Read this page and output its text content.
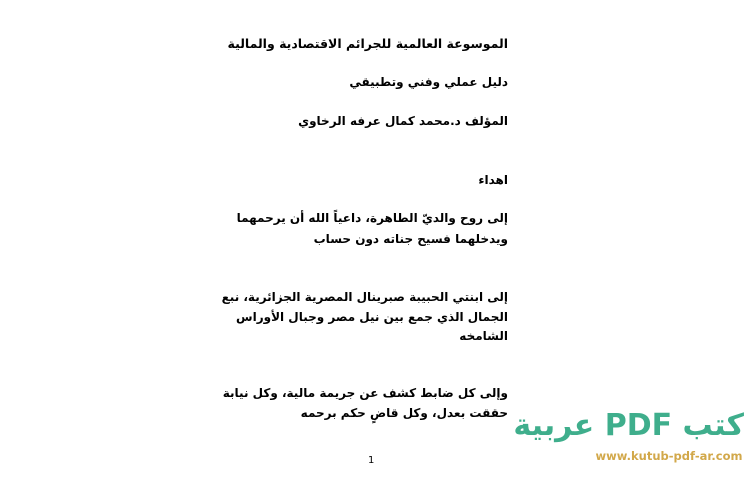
الموسوعة العالمية للجرائم الاقتصادية والمالية
دليل عملي وفني وتطبيقي
المؤلف د.محمد كمال عرفه الرخاوي
اهداء
إلى روح والديّ الطاهرة، داعياً الله أن يرحمهما
ويدخلهما فسيح جناته دون حساب
إلى ابنتي الحبيبة صبرينال المصرية الجزائرية، نبع
الجمال الذي جمع بين نيل مصر وجبال الأوراس
الشامخه
وإلى كل ضابط كشف عن جريمة مالية، وكل نيابة
حققت بعدل، وكل قاضٍ حكم برحمه
1
كتب PDF عربية
www.kutub-pdf-ar.com
